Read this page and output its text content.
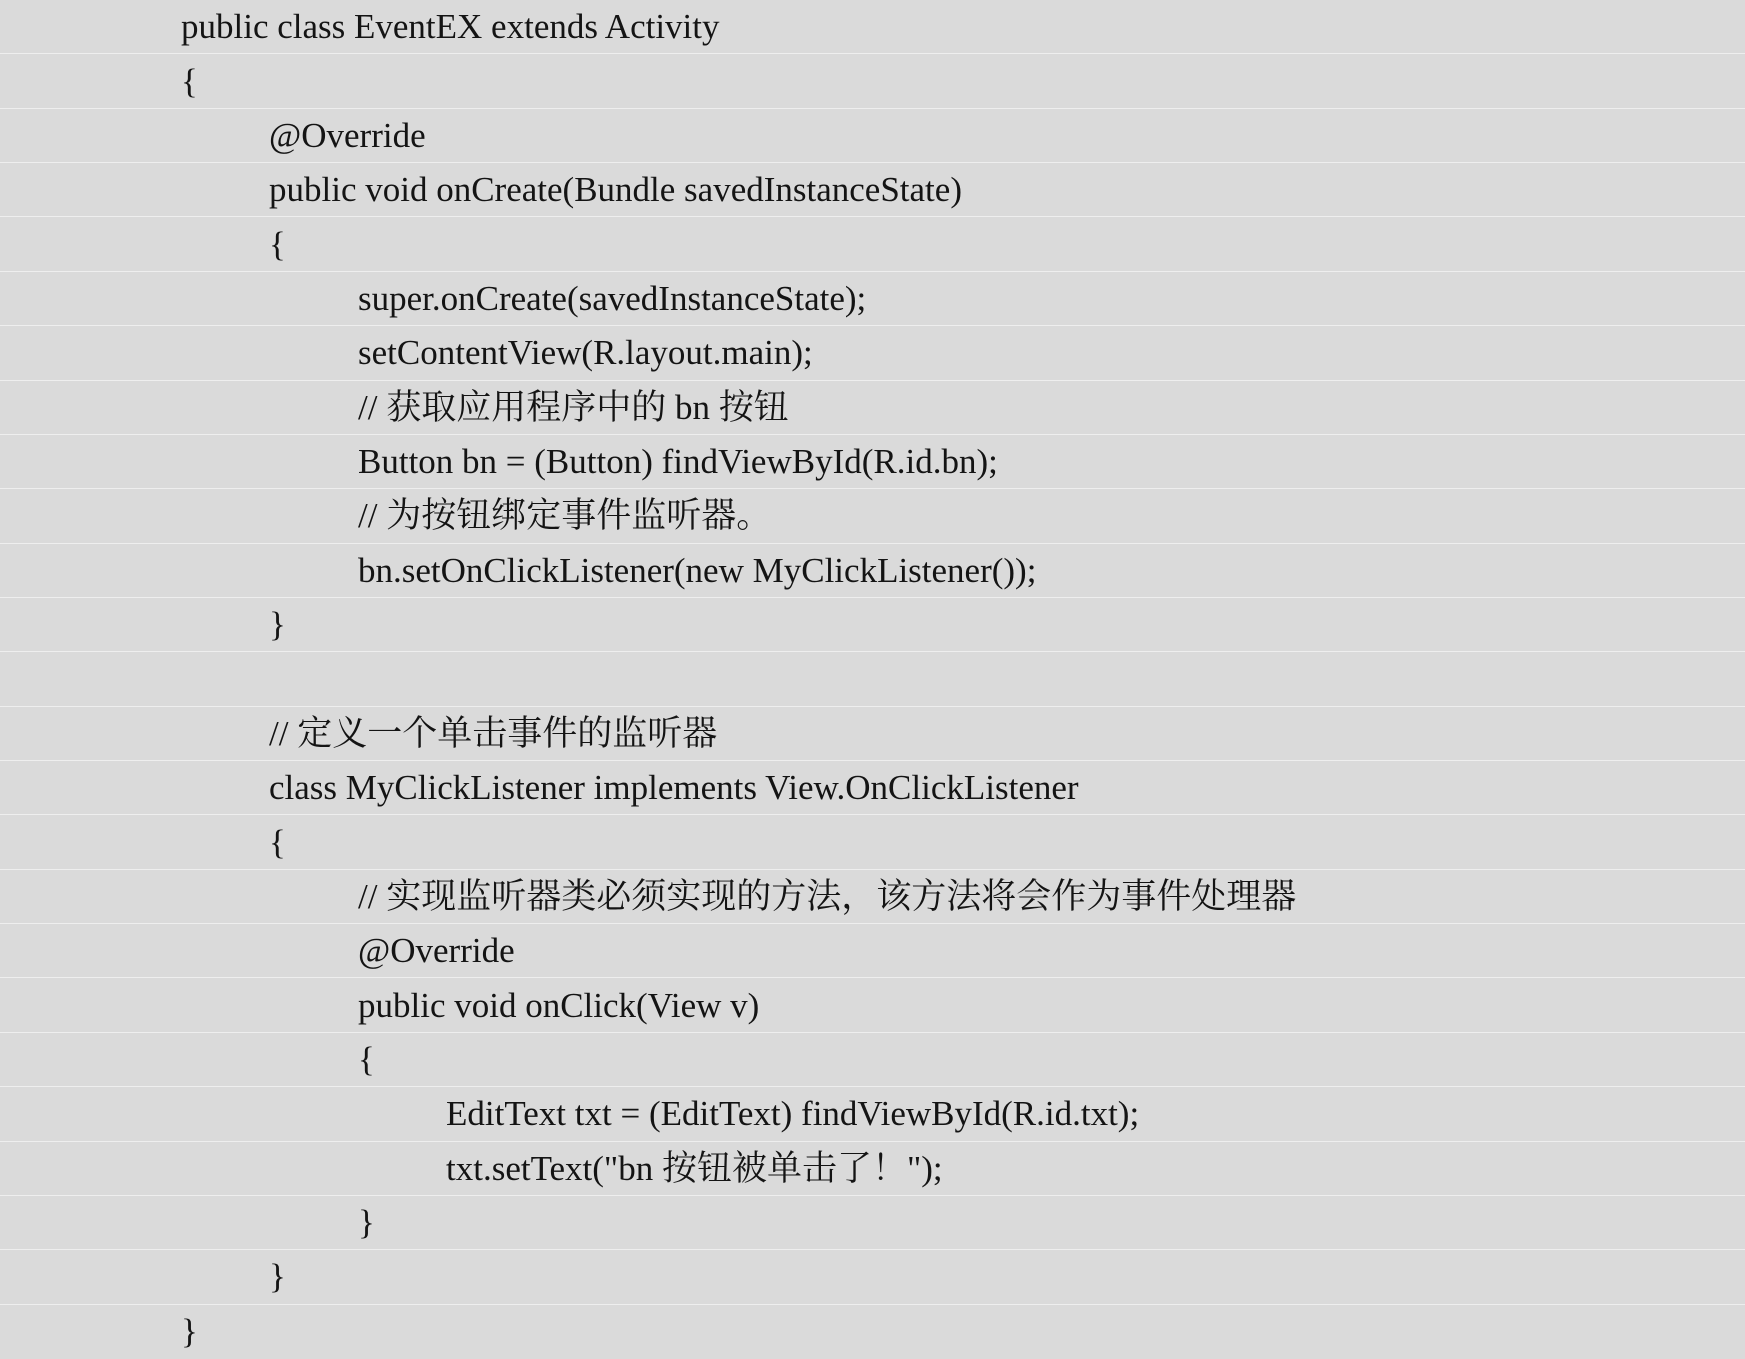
public class EventEX extends Activity
{
@Override
public void onCreate(Bundle savedInstanceState)
{
super.onCreate(savedInstanceState);
setContentView(R.layout.main);
// 获取应用程序中的 bn 按钮
Button bn = (Button) findViewById(R.id.bn);
// 为按钮绑定事件监听器。
bn.setOnClickListener(new MyClickListener());
}
// 定义一个单击事件的监听器
class MyClickListener implements View.OnClickListener
{
// 实现监听器类必须实现的方法，该方法将会作为事件处理器
@Override
public void onClick(View v)
{
EditText txt = (EditText) findViewById(R.id.txt);
txt.setText("bn 按钮被单击了！");
}
}
}
